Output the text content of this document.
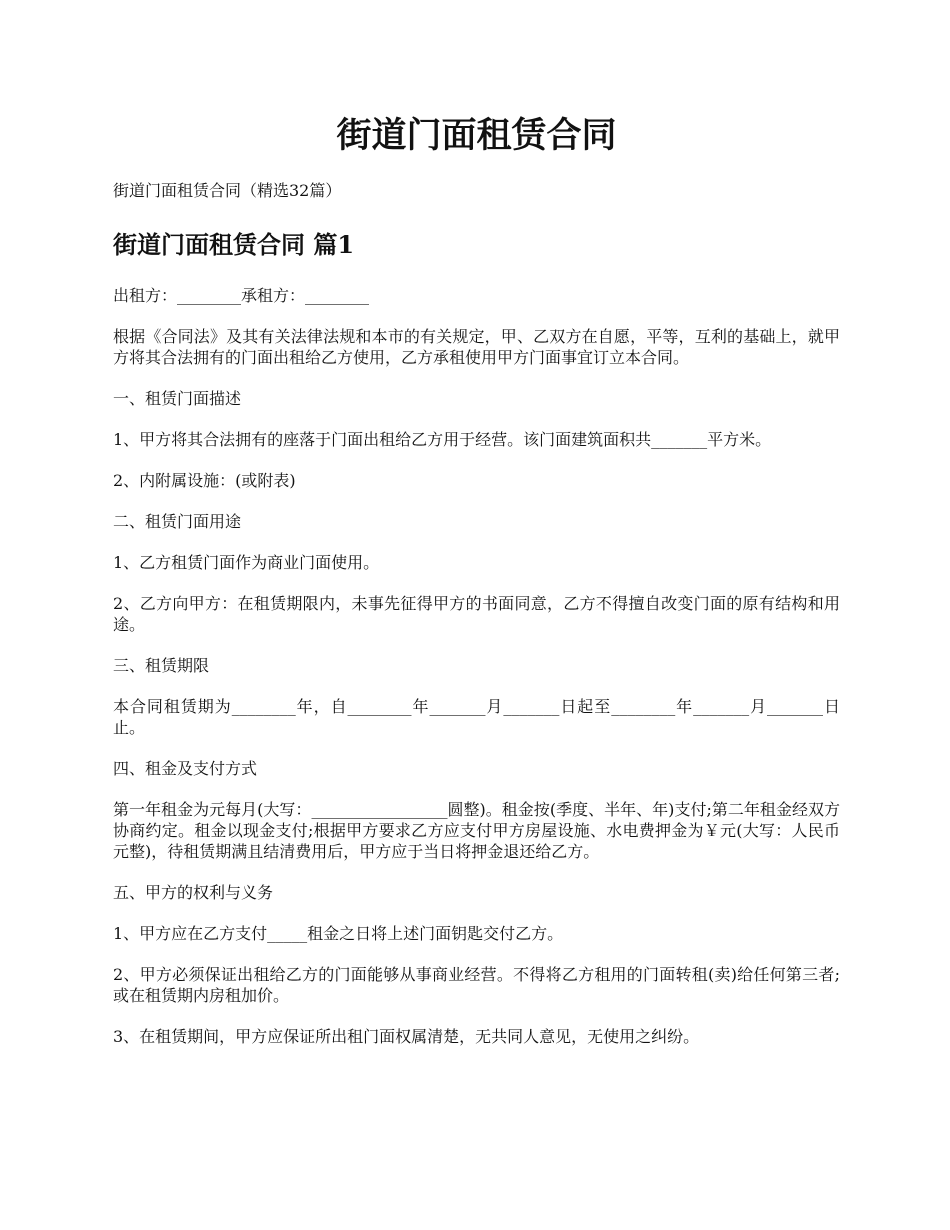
街道门面租赁合同

街道门面租赁合同（精选32篇）

街道门面租赁合同 篇1

出租方：________承租方：________

根据《合同法》及其有关法律法规和本市的有关规定，甲、乙双方在自愿，平等，互利的基础上，就甲方将其合法拥有的门面出租给乙方使用，乙方承租使用甲方门面事宜订立本合同。

一、租赁门面描述

1、甲方将其合法拥有的座落于门面出租给乙方用于经营。该门面建筑面积共_______平方米。

2、内附属设施：(或附表)

二、租赁门面用途

1、乙方租赁门面作为商业门面使用。

2、乙方向甲方：在租赁期限内，未事先征得甲方的书面同意，乙方不得擅自改变门面的原有结构和用途。

三、租赁期限

本合同租赁期为________年，自________年_______月_______日起至________年_______月_______日止。

四、租金及支付方式

第一年租金为元每月(大写：_________________圆整)。租金按(季度、半年、年)支付;第二年租金经双方协商约定。租金以现金支付;根据甲方要求乙方应支付甲方房屋设施、水电费押金为￥元(大写：人民币元整)，待租赁期满且结清费用后，甲方应于当日将押金退还给乙方。

五、甲方的权利与义务

1、甲方应在乙方支付_____租金之日将上述门面钥匙交付乙方。

2、甲方必须保证出租给乙方的门面能够从事商业经营。不得将乙方租用的门面转租(卖)给任何第三者;或在租赁期内房租加价。

3、在租赁期间，甲方应保证所出租门面权属清楚，无共同人意见，无使用之纠纷。
